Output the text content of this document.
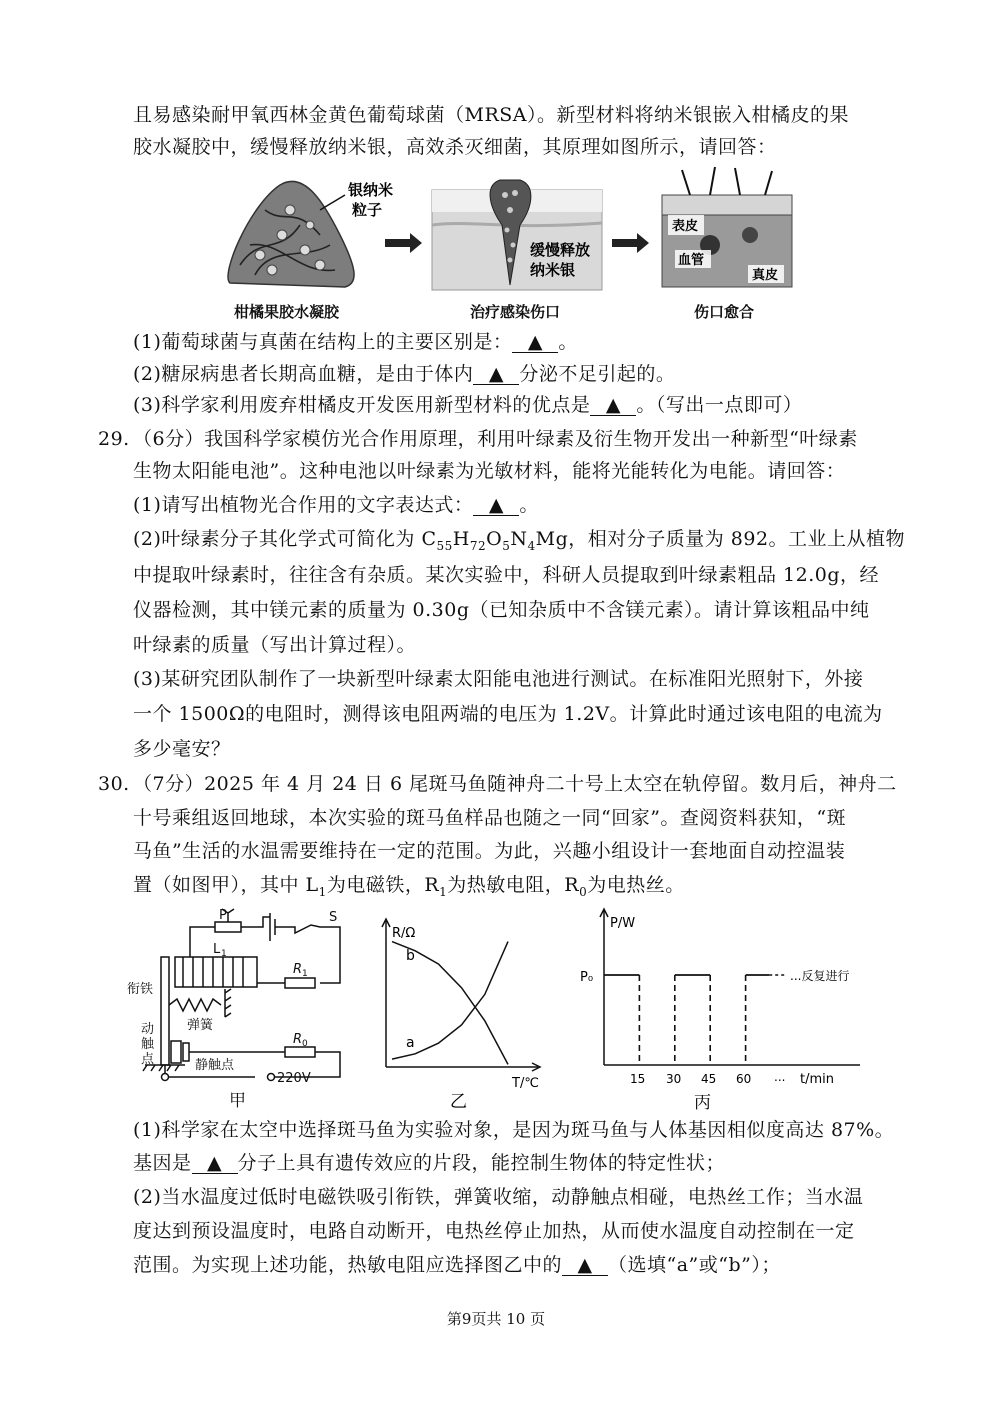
且易感染耐甲氧西林金黄色葡萄球菌（MRSA）。新型材料将纳米银嵌入柑橘皮的果
胶水凝胶中，缓慢释放纳米银，高效杀灭细菌，其原理如图所示，请回答：
银纳米
粒子
缓慢释放
纳米银
表皮
血管
真皮
柑橘果胶水凝胶	治疗感染伤口	伤口愈合
(1)葡萄球菌与真菌在结构上的主要区别是： ▲ 。
(2)糖尿病患者长期高血糖，是由于体内 ▲ 分泌不足引起的。
(3)科学家利用废弃柑橘皮开发医用新型材料的优点是 ▲ 。（写出一点即可）
29. （6分）我国科学家模仿光合作用原理，利用叶绿素及衍生物开发出一种新型“叶绿素
生物太阳能电池”。这种电池以叶绿素为光敏材料，能将光能转化为电能。请回答：
(1)请写出植物光合作用的文字表达式： ▲ 。
(2)叶绿素分子其化学式可简化为 $C_{55}H_{72}O_5N_4Mg$，相对分子质量为 892。工业上从植物
中提取叶绿素时，往往含有杂质。某次实验中，科研人员提取到叶绿素粗品 12.0g，经
仪器检测，其中镁元素的质量为 0.30g（已知杂质中不含镁元素）。请计算该粗品中纯
叶绿素的质量（写出计算过程）。
(3)某研究团队制作了一块新型叶绿素太阳能电池进行测试。在标准阳光照射下，外接
一个 1500Ω的电阻时，测得该电阻两端的电压为 1.2V。计算此时通过该电阻的电流为
多少毫安？
30. （7分）2025 年 4 月 24 日 6 尾斑马鱼随神舟二十号上太空在轨停留。数月后，神舟二
十号乘组返回地球，本次实验的斑马鱼样品也随之一同“回家”。查阅资料获知，“斑
马鱼”生活的水温需要维持在一定的范围。为此，兴趣小组设计一套地面自动控温装
置（如图甲），其中 $L_1$为电磁铁，$R_1$为热敏电阻，$R_0$为电热丝。
P	S
L 1
R 1
R 0
衔铁
弹簧
动
触
点	静触点
220V
甲
R/Ω
T/℃
a
b
乙
P/W
P₀
15 30 45 60 ... t/min
...反复进行
丙
(1)科学家在太空中选择斑马鱼为实验对象，是因为斑马鱼与人体基因相似度高达 87%。
基因是 ▲ 分子上具有遗传效应的片段，能控制生物体的特定性状；
(2)当水温度过低时电磁铁吸引衔铁，弹簧收缩，动静触点相碰，电热丝工作；当水温
度达到预设温度时，电路自动断开，电热丝停止加热，从而使水温度自动控制在一定
范围。为实现上述功能，热敏电阻应选择图乙中的 ▲ （选填“a”或“b”）；
第9页共 10 页
